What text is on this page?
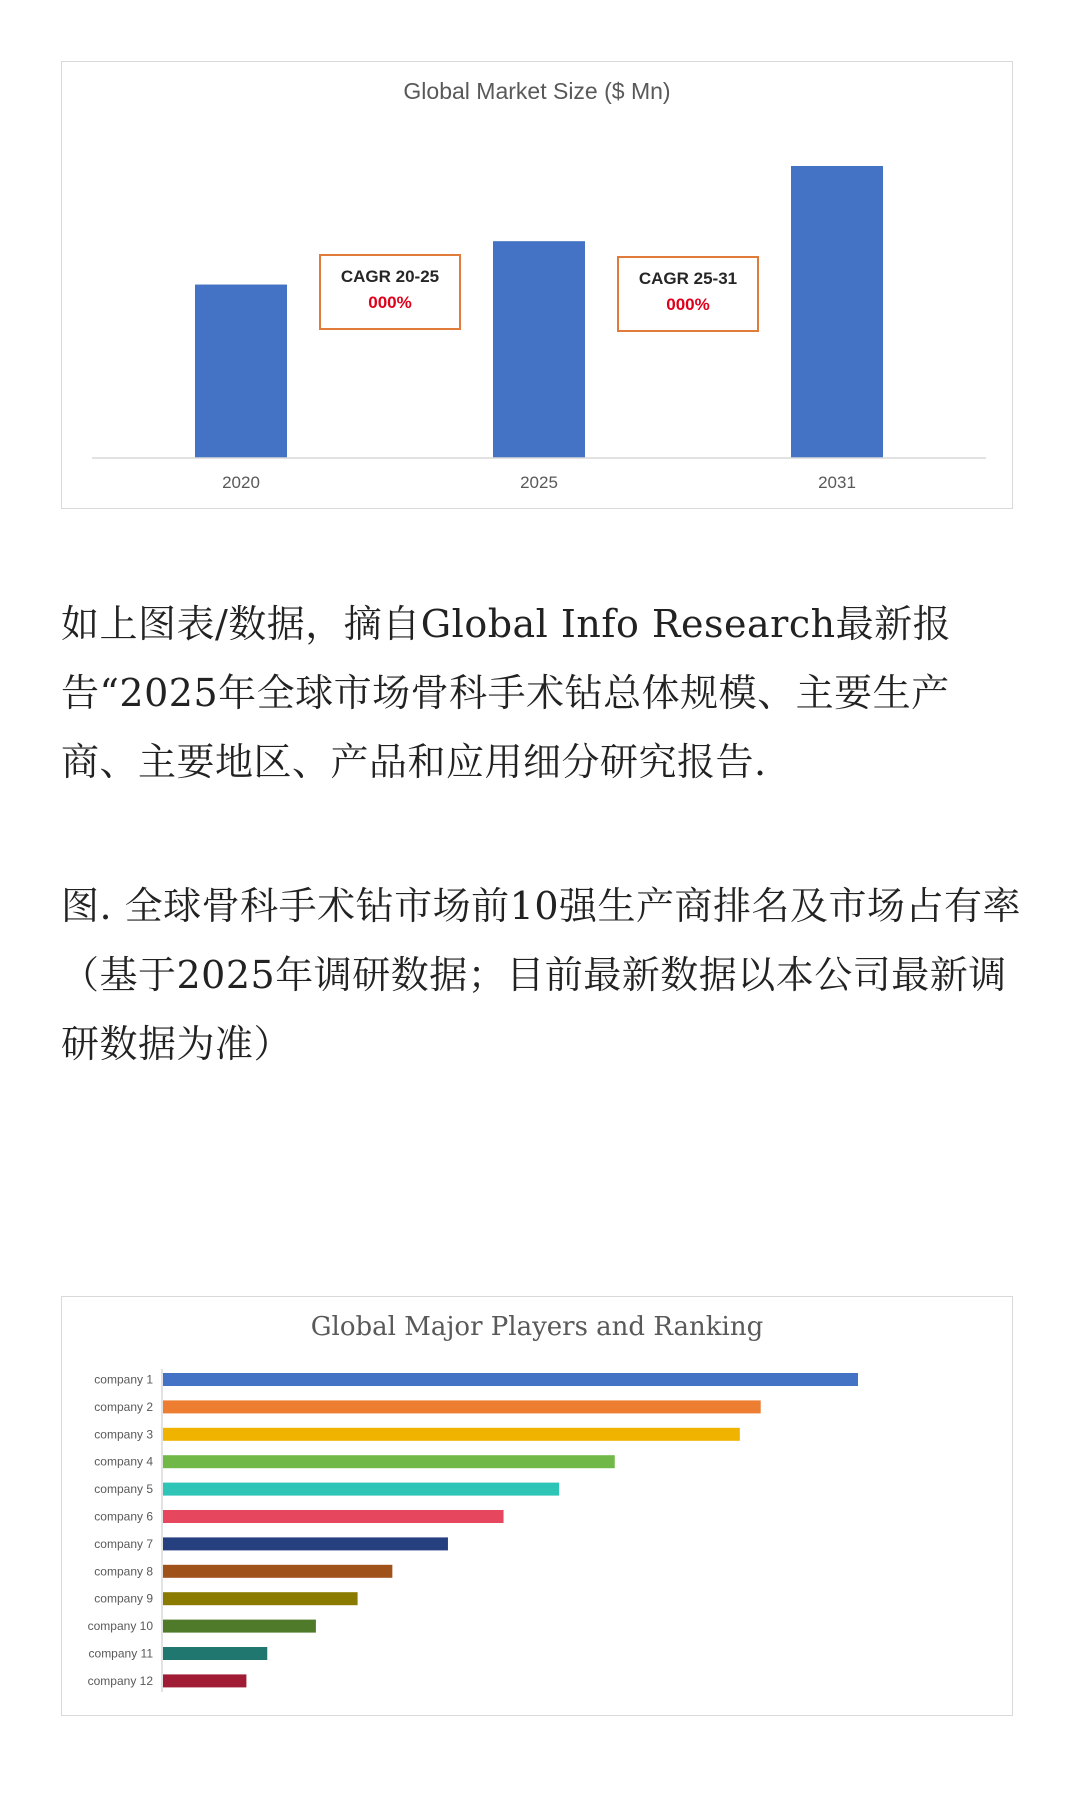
Global Market Size ($ Mn)
2020	2025	2031
CAGR 20-25
000%
CAGR 25-31
000%

如上图表/数据，摘自Global Info Research最新报告“2025年全球市场骨科手术钻总体规模、主要生产商、主要地区、产品和应用细分研究报告.

图. 全球骨科手术钻市场前10强生产商排名及市场占有率（基于2025年调研数据；目前最新数据以本公司最新调研数据为准）

Global Major Players and Ranking
company 1
company 2
company 3
company 4
company 5
company 6
company 7
company 8
company 9
company 10
company 11
company 12
